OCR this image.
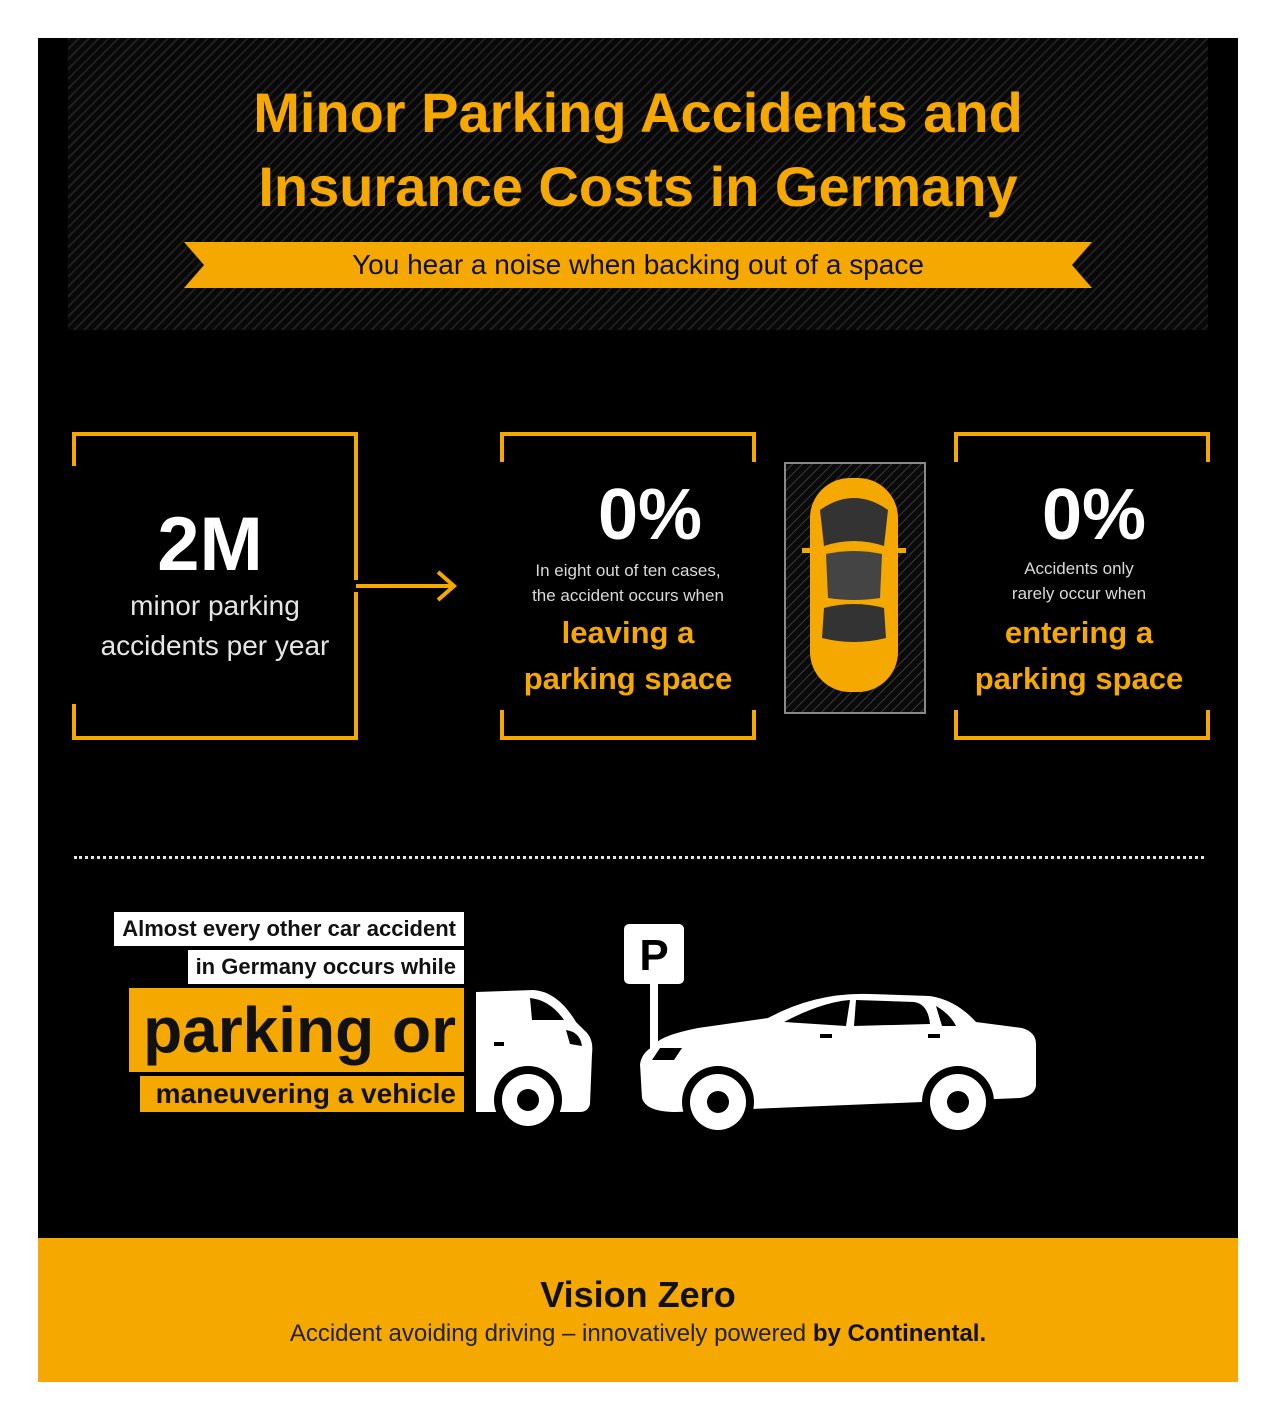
Minor Parking Accidents and
Insurance Costs in Germany
You hear a noise when backing out of a space
2M
minor parking
accidents per year
0%
In eight out of ten cases,
the accident occurs when
leaving a
parking space
0%
Accidents only
rarely occur when
entering a
parking space
Almost every other car accident
in Germany occurs while
parking or
maneuvering a vehicle
P
Vision Zero
Accident avoiding driving – innovatively powered by Continental.
